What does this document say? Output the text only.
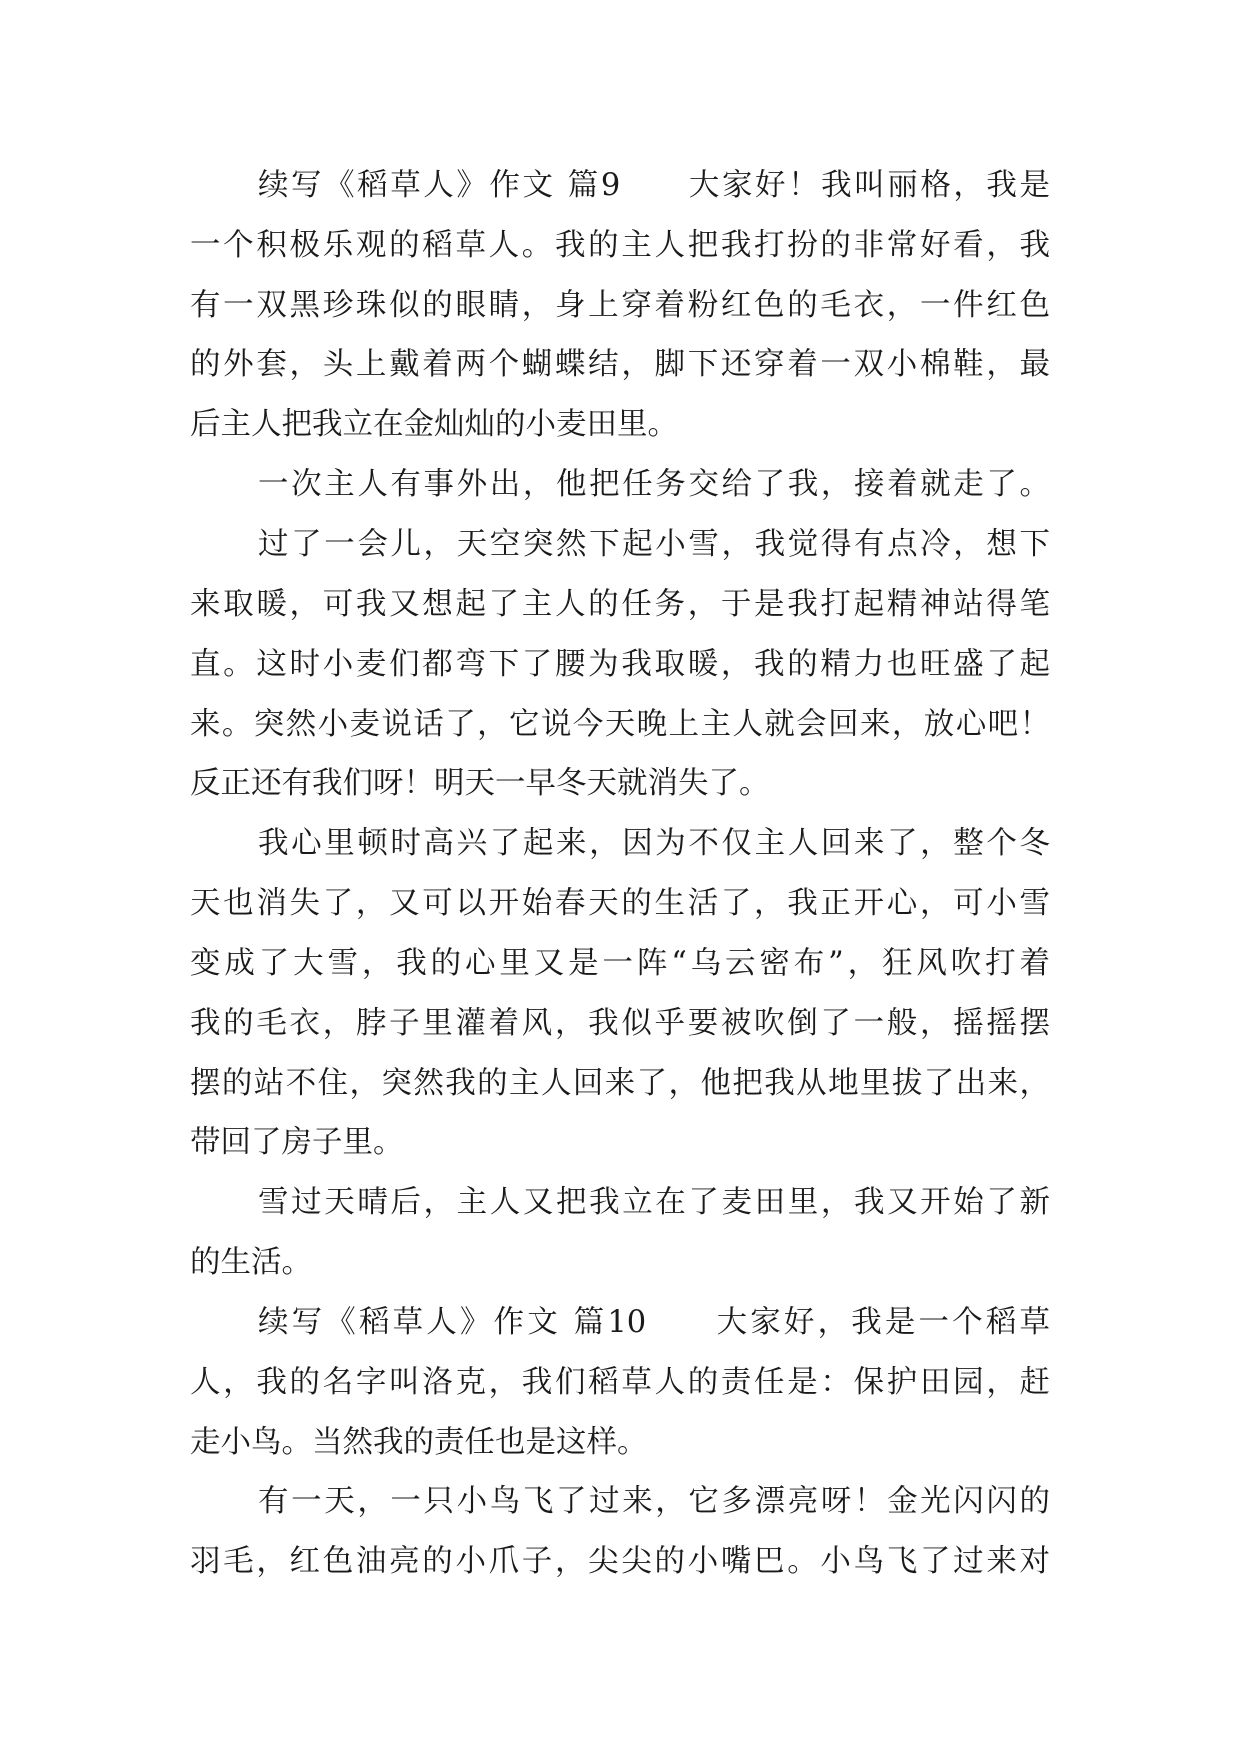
续写《稻草人》作文 篇9　　大家好！我叫丽格，我是
一个积极乐观的稻草人。我的主人把我打扮的非常好看，我
有一双黑珍珠似的眼睛，身上穿着粉红色的毛衣，一件红色
的外套，头上戴着两个蝴蝶结，脚下还穿着一双小棉鞋，最
后主人把我立在金灿灿的小麦田里。
一次主人有事外出，他把任务交给了我，接着就走了。
过了一会儿，天空突然下起小雪，我觉得有点冷，想下
来取暖，可我又想起了主人的任务，于是我打起精神站得笔
直。这时小麦们都弯下了腰为我取暖，我的精力也旺盛了起
来。突然小麦说话了，它说今天晚上主人就会回来，放心吧！
反正还有我们呀！明天一早冬天就消失了。
我心里顿时高兴了起来，因为不仅主人回来了，整个冬
天也消失了，又可以开始春天的生活了，我正开心，可小雪
变成了大雪，我的心里又是一阵“乌云密布”，狂风吹打着
我的毛衣，脖子里灌着风，我似乎要被吹倒了一般，摇摇摆
摆的站不住，突然我的主人回来了，他把我从地里拔了出来，
带回了房子里。
雪过天晴后，主人又把我立在了麦田里，我又开始了新
的生活。
续写《稻草人》作文 篇10　　大家好，我是一个稻草
人，我的名字叫洛克，我们稻草人的责任是：保护田园，赶
走小鸟。当然我的责任也是这样。
有一天，一只小鸟飞了过来，它多漂亮呀！金光闪闪的
羽毛，红色油亮的小爪子，尖尖的小嘴巴。小鸟飞了过来对
